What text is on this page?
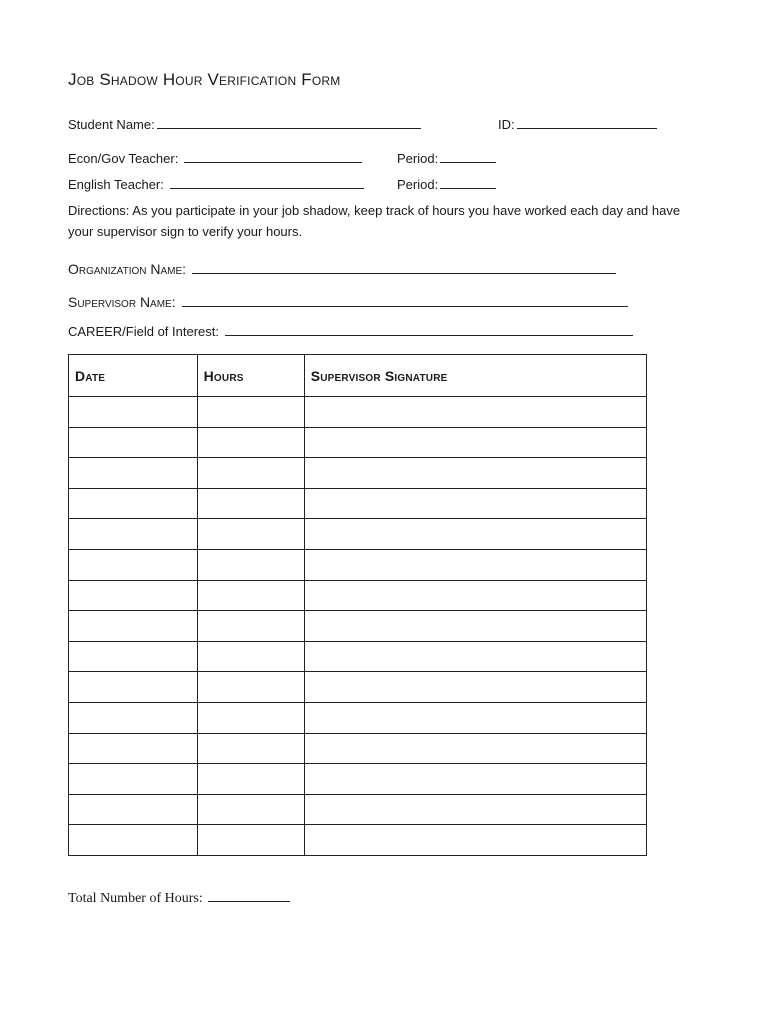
Job Shadow Hour Verification Form
Student Name:	ID:
Econ/Gov Teacher:	Period:
English Teacher:	Period:
Directions: As you participate in your job shadow, keep track of hours you have worked each day and have your supervisor sign to verify your hours.
Organization Name:
Supervisor Name:
CAREER/Field of Interest:
Date	Hours	Supervisor Signature

Total Number of Hours:
